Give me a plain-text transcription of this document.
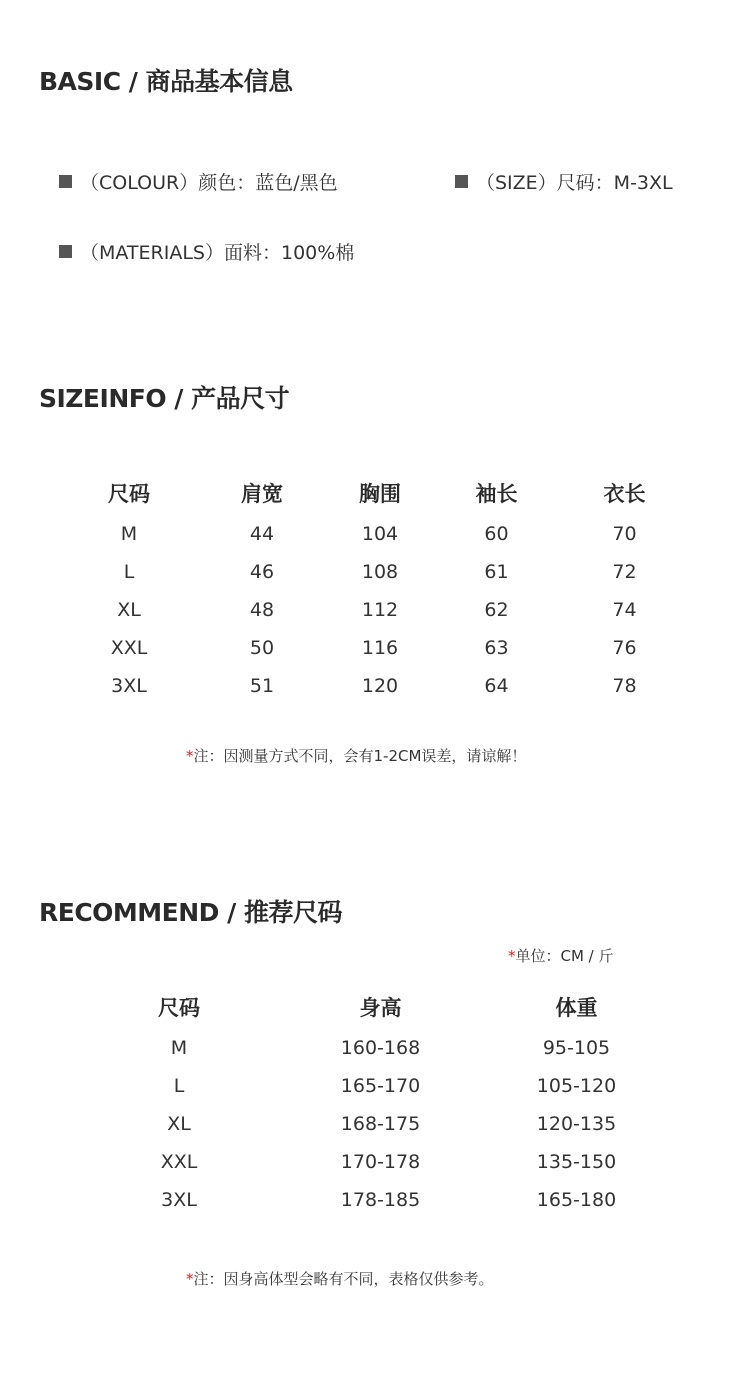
BASIC / 商品基本信息
（COLOUR）颜色：蓝色/黑色	（SIZE）尺码：M-3XL
（MATERIALS）面料：100%棉
SIZEINFO / 产品尺寸
尺码	肩宽	胸围	袖长	衣长
M	44	104	60	70
L	46	108	61	72
XL	48	112	62	74
XXL	50	116	63	76
3XL	51	120	64	78
*注：因测量方式不同，会有1-2CM误差，请谅解！
RECOMMEND / 推荐尺码
*单位：CM / 斤
尺码	身高	体重
M	160-168	95-105
L	165-170	105-120
XL	168-175	120-135
XXL	170-178	135-150
3XL	178-185	165-180
*注：因身高体型会略有不同，表格仅供参考。
